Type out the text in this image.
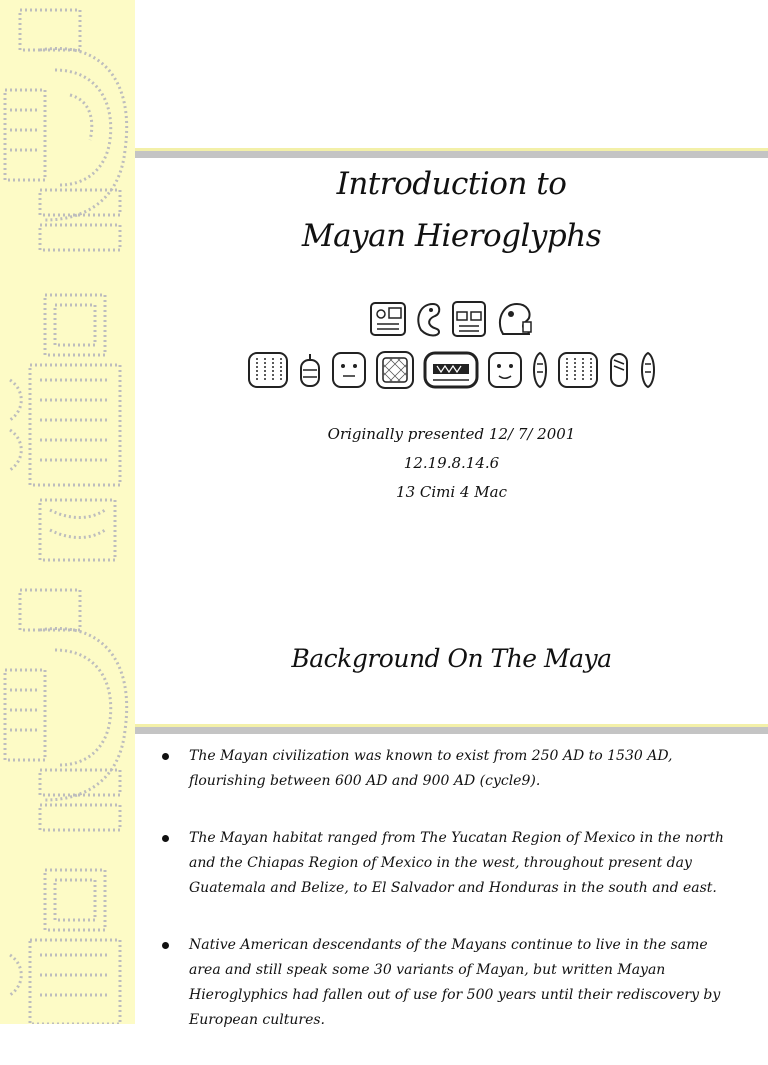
Introduction to
Mayan Hieroglyphs
Originally presented 12/ 7/ 2001
12.19.8.14.6
13 Cimi 4 Mac
Background On The Maya
The Mayan civilization was known to exist from 250 AD to 1530 AD, flourishing between 600 AD and 900 AD (cycle9).
The Mayan habitat ranged from The Yucatan Region of Mexico in the north and the Chiapas Region of Mexico in the west, throughout present day Guatemala and Belize, to El Salvador and Honduras in the south and east.
Native American descendants of the Mayans continue to live in the same area and still speak some 30 variants of Mayan, but written Mayan Hieroglyphics had fallen out of use for 500 years until their rediscovery by European cultures.
